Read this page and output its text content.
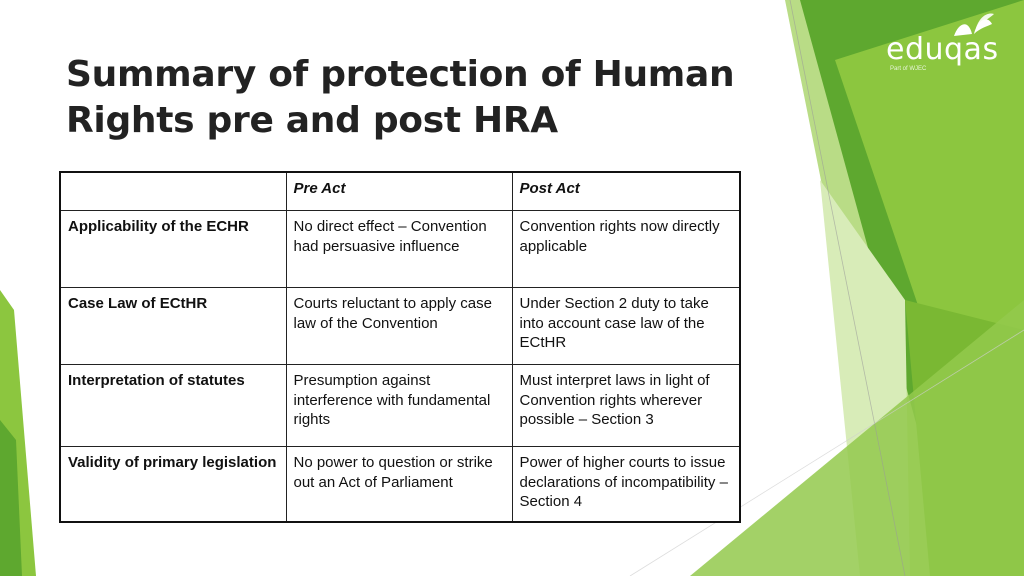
eduqas
Part of WJEC
Summary of protection of Human Rights pre and post HRA
	Pre Act	Post Act
Applicability of the ECHR	No direct effect – Convention had persuasive influence	Convention rights now directly applicable
Case Law of ECtHR	Courts reluctant to apply case law of the Convention	Under Section 2 duty to take into account case law of the ECtHR
Interpretation of statutes	Presumption against interference with fundamental rights	Must interpret laws in light of Convention rights wherever possible – Section 3
Validity of primary legislation	No power to question or strike out an Act of Parliament	Power of higher courts to issue declarations of incompatibility – Section 4
